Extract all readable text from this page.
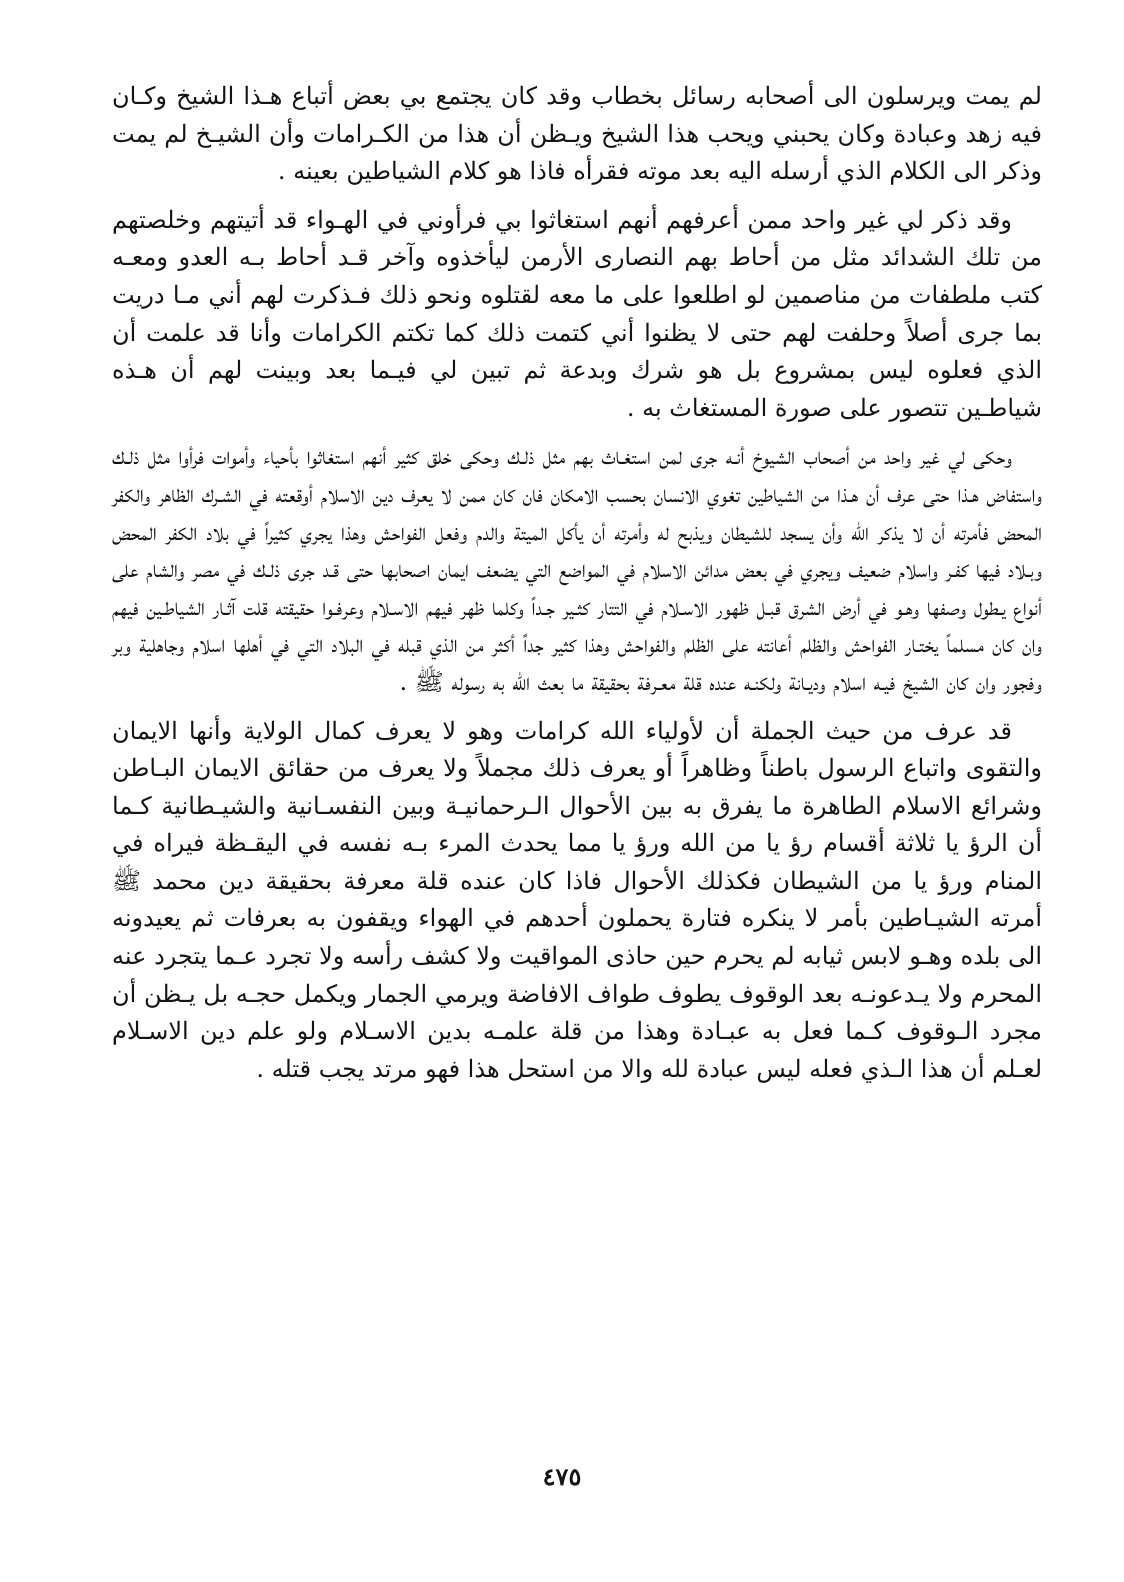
لم يمت ويرسلون الى أصحابه رسائل بخطاب وقد كان يجتمع بي بعض أتباع هـذا الشيخ وكـان فيه زهد وعبادة وكان يحبني ويحب هذا الشيخ ويـظن أن هذا من الكـرامات وأن الشيـخ لم يمت وذكر الى الكلام الذي أرسله اليه بعد موته فقرأه فاذا هو كلام الشياطين بعينه .

وقد ذكر لي غير واحد ممن أعرفهم أنهم استغاثوا بي فرأوني في الهـواء قد أتيتهم وخلصتهم من تلك الشدائد مثل من أحاط بهم النصارى الأرمن ليأخذوه وآخر قـد أحاط بـه العدو ومعـه كتب ملطفات من مناصمين لو اطلعوا على ما معه لقتلوه ونحو ذلك فـذكرت لهم أني مـا دريت بما جرى أصلاً وحلفت لهم حتى لا يظنوا أني كتمت ذلك كما تكتم الكرامات وأنا قد علمت أن الذي فعلوه ليس بمشروع بل هو شرك وبدعة ثم تبين لي فيـما بعد وبينت لهم أن هـذه شياطـين تتصور على صورة المستغاث به .

وحكى لي غير واحد من أصحاب الشيوخ أنـه جرى لمن استغـاث بهم مثل ذلـك وحكى خلق كثير أنهم استغاثوا بأحياء وأموات فرأوا مثل ذلـك واستفاض هـذا حتى عرف أن هـذا من الشياطين تغوي الانسان بحسب الامكان فان كان ممن لا يعرف دين الاسلام أوقعته في الشـرك الظاهر والكفر المحض فأمرته أن لا يذكر الله وأن يسجد للشيطان ويذبح له وأمرته أن يأكل الميتة والدم وفعل الفواحش وهذا يجري كثيراً في بلاد الكفر المحض وبـلاد فيها كفـر واسلام ضعيف ويجري في بعض مدائن الاسلام في المواضع التي يضعف ايمان اصحابها حتى قـد جرى ذلـك في مصر والشام على أنواع يـطول وصفها وهـو في أرض الشرق قبـل ظهور الاسـلام في التتار كثـير جـداً وكلما ظهر فيهم الاسـلام وعرفـوا حقيقته قلت آثـار الشياطـين فيهم وان كان مسلماً يختـار الفواحش والظلم أعانته على الظلم والفواحش وهذا كثير جداً أكثر من الذي قبله في البلاد التي في أهلها اسلام وجاهلية وبر وفجور وان كان الشيخ فيـه اسلام وديـانة ولكنـه عنده قلة معـرفة بحقيقة ما بعث الله به رسوله ﷺ .

قد عرف من حيث الجملة أن لأولياء الله كرامات وهو لا يعرف كمال الولاية وأنها الايمان والتقوى واتباع الرسول باطناً وظاهراً أو يعرف ذلك مجملاً ولا يعرف من حقائق الايمان البـاطن وشرائع الاسلام الطاهرة ما يفرق به بين الأحوال الـرحمانيـة وبين النفسـانية والشيـطانية كـما أن الرؤ يا ثلاثة أقسام رؤ يا من الله ورؤ يا مما يحدث المرء بـه نفسه في اليقـظة فيراه في المنام ورؤ يا من الشيطان فكذلك الأحوال فاذا كان عنده قلة معرفة بحقيقة دين محمد ﷺ أمرته الشيـاطين بأمر لا ينكره فتارة يحملون أحدهم في الهواء ويقفون به بعرفات ثم يعيدونه الى بلده وهـو لابس ثيابه لم يحرم حين حاذى المواقيت ولا كشف رأسه ولا تجرد عـما يتجرد عنه المحرم ولا يـدعونـه بعد الوقوف يطوف طواف الافاضة ويرمي الجمار ويكمل حجـه بل يـظن أن مجرد الـوقوف كـما فعل به عبـادة وهذا من قلة علمـه بدين الاسـلام ولو علم دين الاسـلام لعـلم أن هذا الـذي فعله ليس عبادة لله والا من استحل هذا فهو مرتد يجب قتله .

٤٧٥
